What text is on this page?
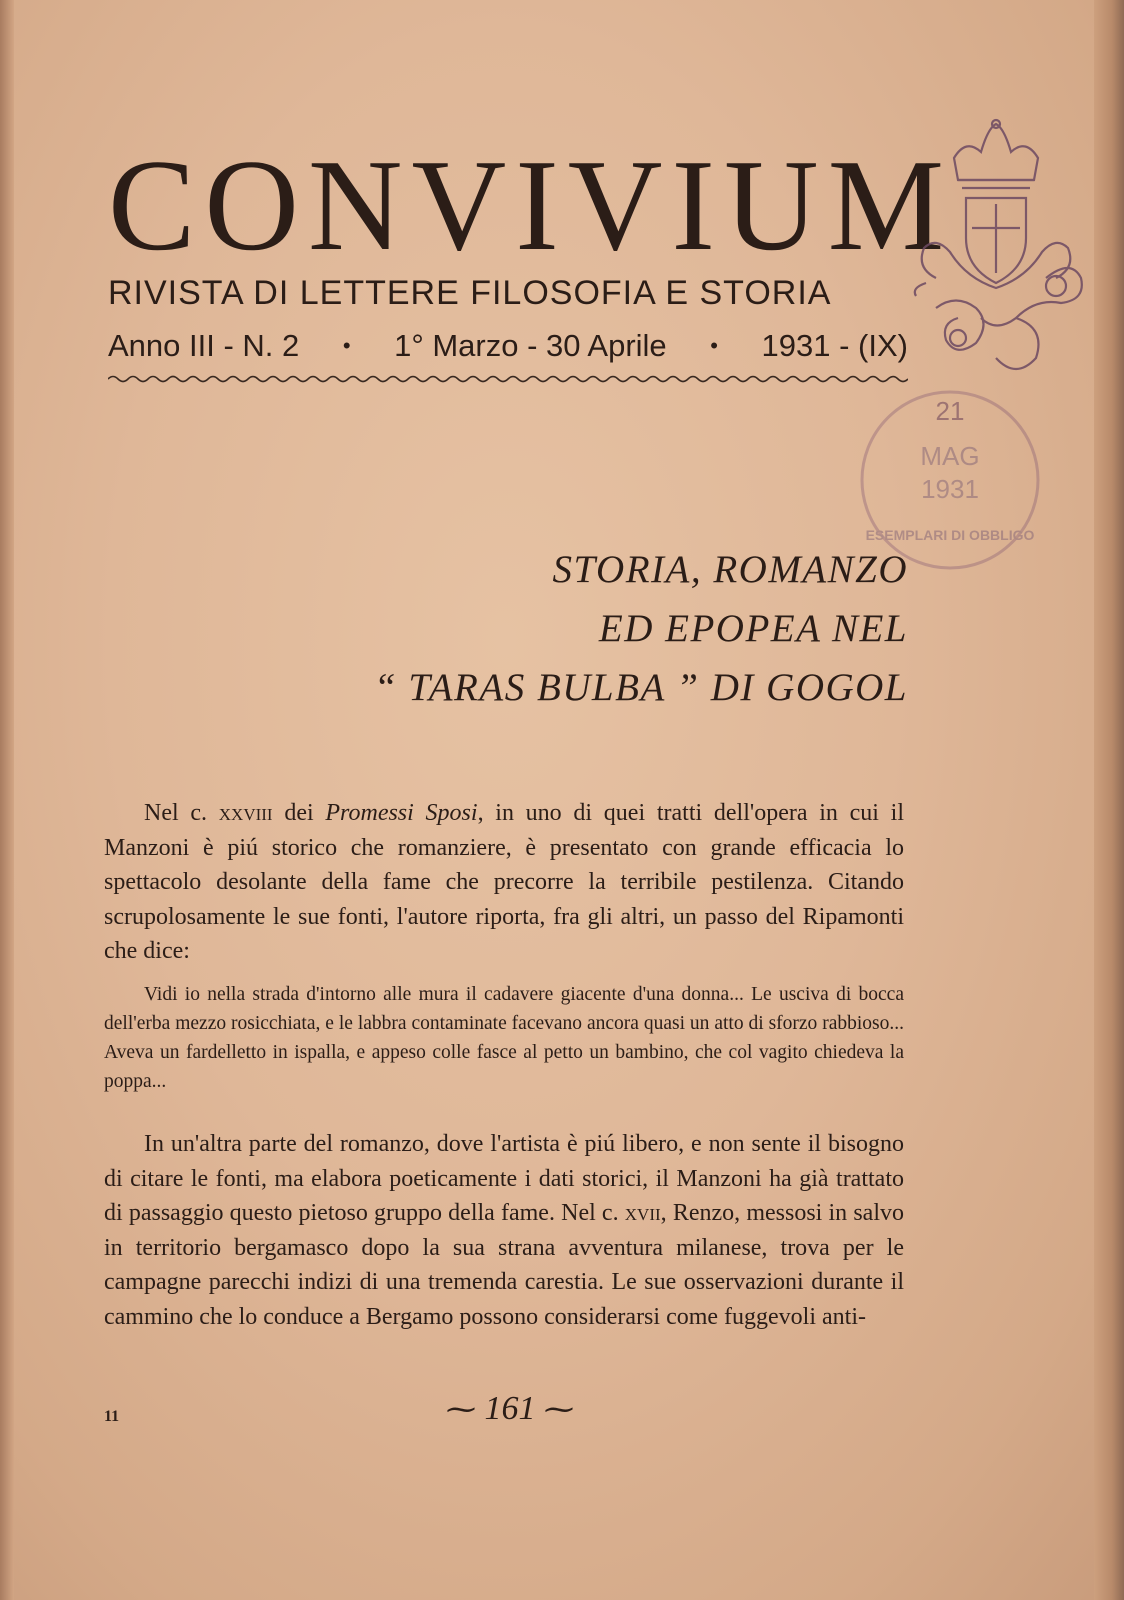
CONVIVIUM
RIVISTA DI LETTERE FILOSOFIA E STORIA
Anno III - N. 2 • 1° Marzo - 30 Aprile • 1931 - (IX)
21
MAG
1931
ESEMPLARI DI OBBLIGO
STORIA, ROMANZO
ED EPOPEA NEL
“ TARAS BULBA ” DI GOGOL

Nel c. xxviii dei Promessi Sposi, in uno di quei tratti dell'opera in cui il Manzoni è piú storico che romanziere, è presentato con grande efficacia lo spettacolo desolante della fame che precorre la terribile pestilenza. Citando scrupolosamente le sue fonti, l'autore riporta, fra gli altri, un passo del Ripamonti che dice:

Vidi io nella strada d'intorno alle mura il cadavere giacente d'una donna... Le usciva di bocca dell'erba mezzo rosicchiata, e le labbra contaminate facevano ancora quasi un atto di sforzo rabbioso... Aveva un fardelletto in ispalla, e appeso colle fasce al petto un bambino, che col vagito chiedeva la poppa...

In un'altra parte del romanzo, dove l'artista è piú libero, e non sente il bisogno di citare le fonti, ma elabora poeticamente i dati storici, il Manzoni ha già trattato di passaggio questo pietoso gruppo della fame. Nel c. xvii, Renzo, messosi in salvo in territorio bergamasco dopo la sua strana avventura milanese, trova per le campagne parecchi indizi di una tremenda carestia. Le sue osservazioni durante il cammino che lo conduce a Bergamo possono considerarsi come fuggevoli anti-

11	⁓ 161 ⁓
